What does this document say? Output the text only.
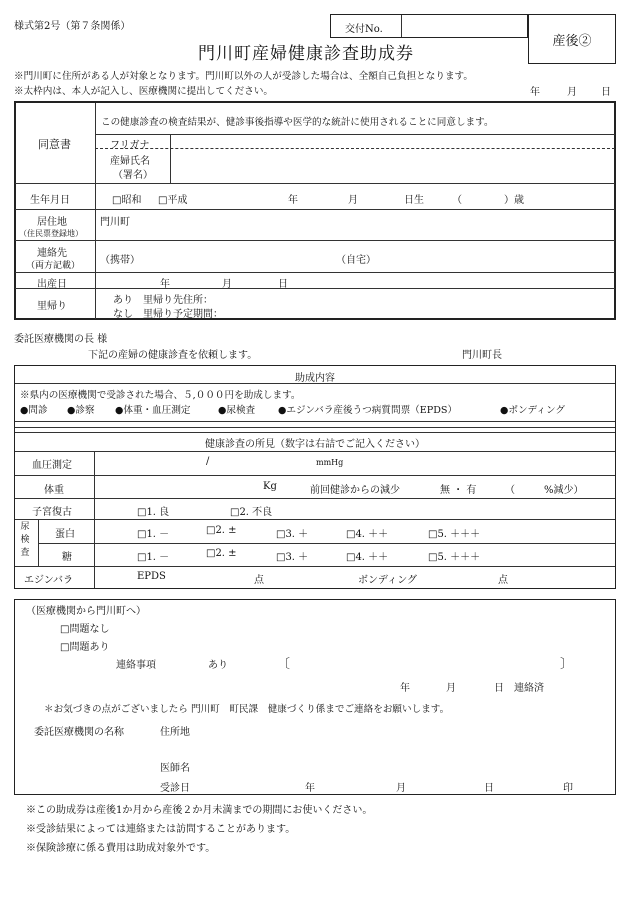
様式第2号（第７条関係）	交付No.
産後②
門川町産婦健康診査助成券
※門川町に住所がある人が対象となります。門川町以外の人が受診した場合は、全額自己負担となります。
※太枠内は、本人が記入し、医療機関に提出してください。	年	月 日
同意書
この健康診査の検査結果が、健診事後指導や医学的な統計に使用されることに同意します。
フリガナ
産婦氏名
（署名）
生年月日	□昭和 □平成	年	月	日生	（	）歳
居住地
（住民票登録地）
門川町
連絡先
（両方記載） （携帯）	（自宅）
出産日	年	月	日
里帰り
あり　里帰り先住所：
なし　里帰り予定期間：
委託医療機関の長 様
下記の産婦の健康診査を依頼します。	門川町長
助成内容
※県内の医療機関で受診された場合、５,０００円を助成します。
●問診 ●診察 ●体重・血圧測定	●尿検査 ●エジンバラ産後うつ病質問票（EPDS）	●ボンディング
健康診査の所見（数字は右詰でご記入ください）
血圧測定	/	mmHg
体重	Kg	前回健診からの減少	無 ・ 有	（	%減少）
子宮復古	□1. 良	□2. 不良
尿検査
蛋白	□1. －	□2. ±	□3. ＋	□4. ＋＋	□5. ＋＋＋
糖	□1. －	□2. ±	□3. ＋	□4. ＋＋	□5. ＋＋＋
エジンバラ	EPDS	点	ボンディング	点
（医療機関から門川町へ）
□問題なし
□問題あり
連絡事項	あり	〔	〕
年	月	日 連絡済
＊お気づきの点がございましたら 門川町　町民課　健康づくり係までご連絡をお願いします。
委託医療機関の名称	住所地
医師名
受診日	年	月	日	印
※この助成券は産後1か月から産後２か月未満までの期間にお使いください。
※受診結果によっては連絡または訪問することがあります。
※保険診療に係る費用は助成対象外です。
